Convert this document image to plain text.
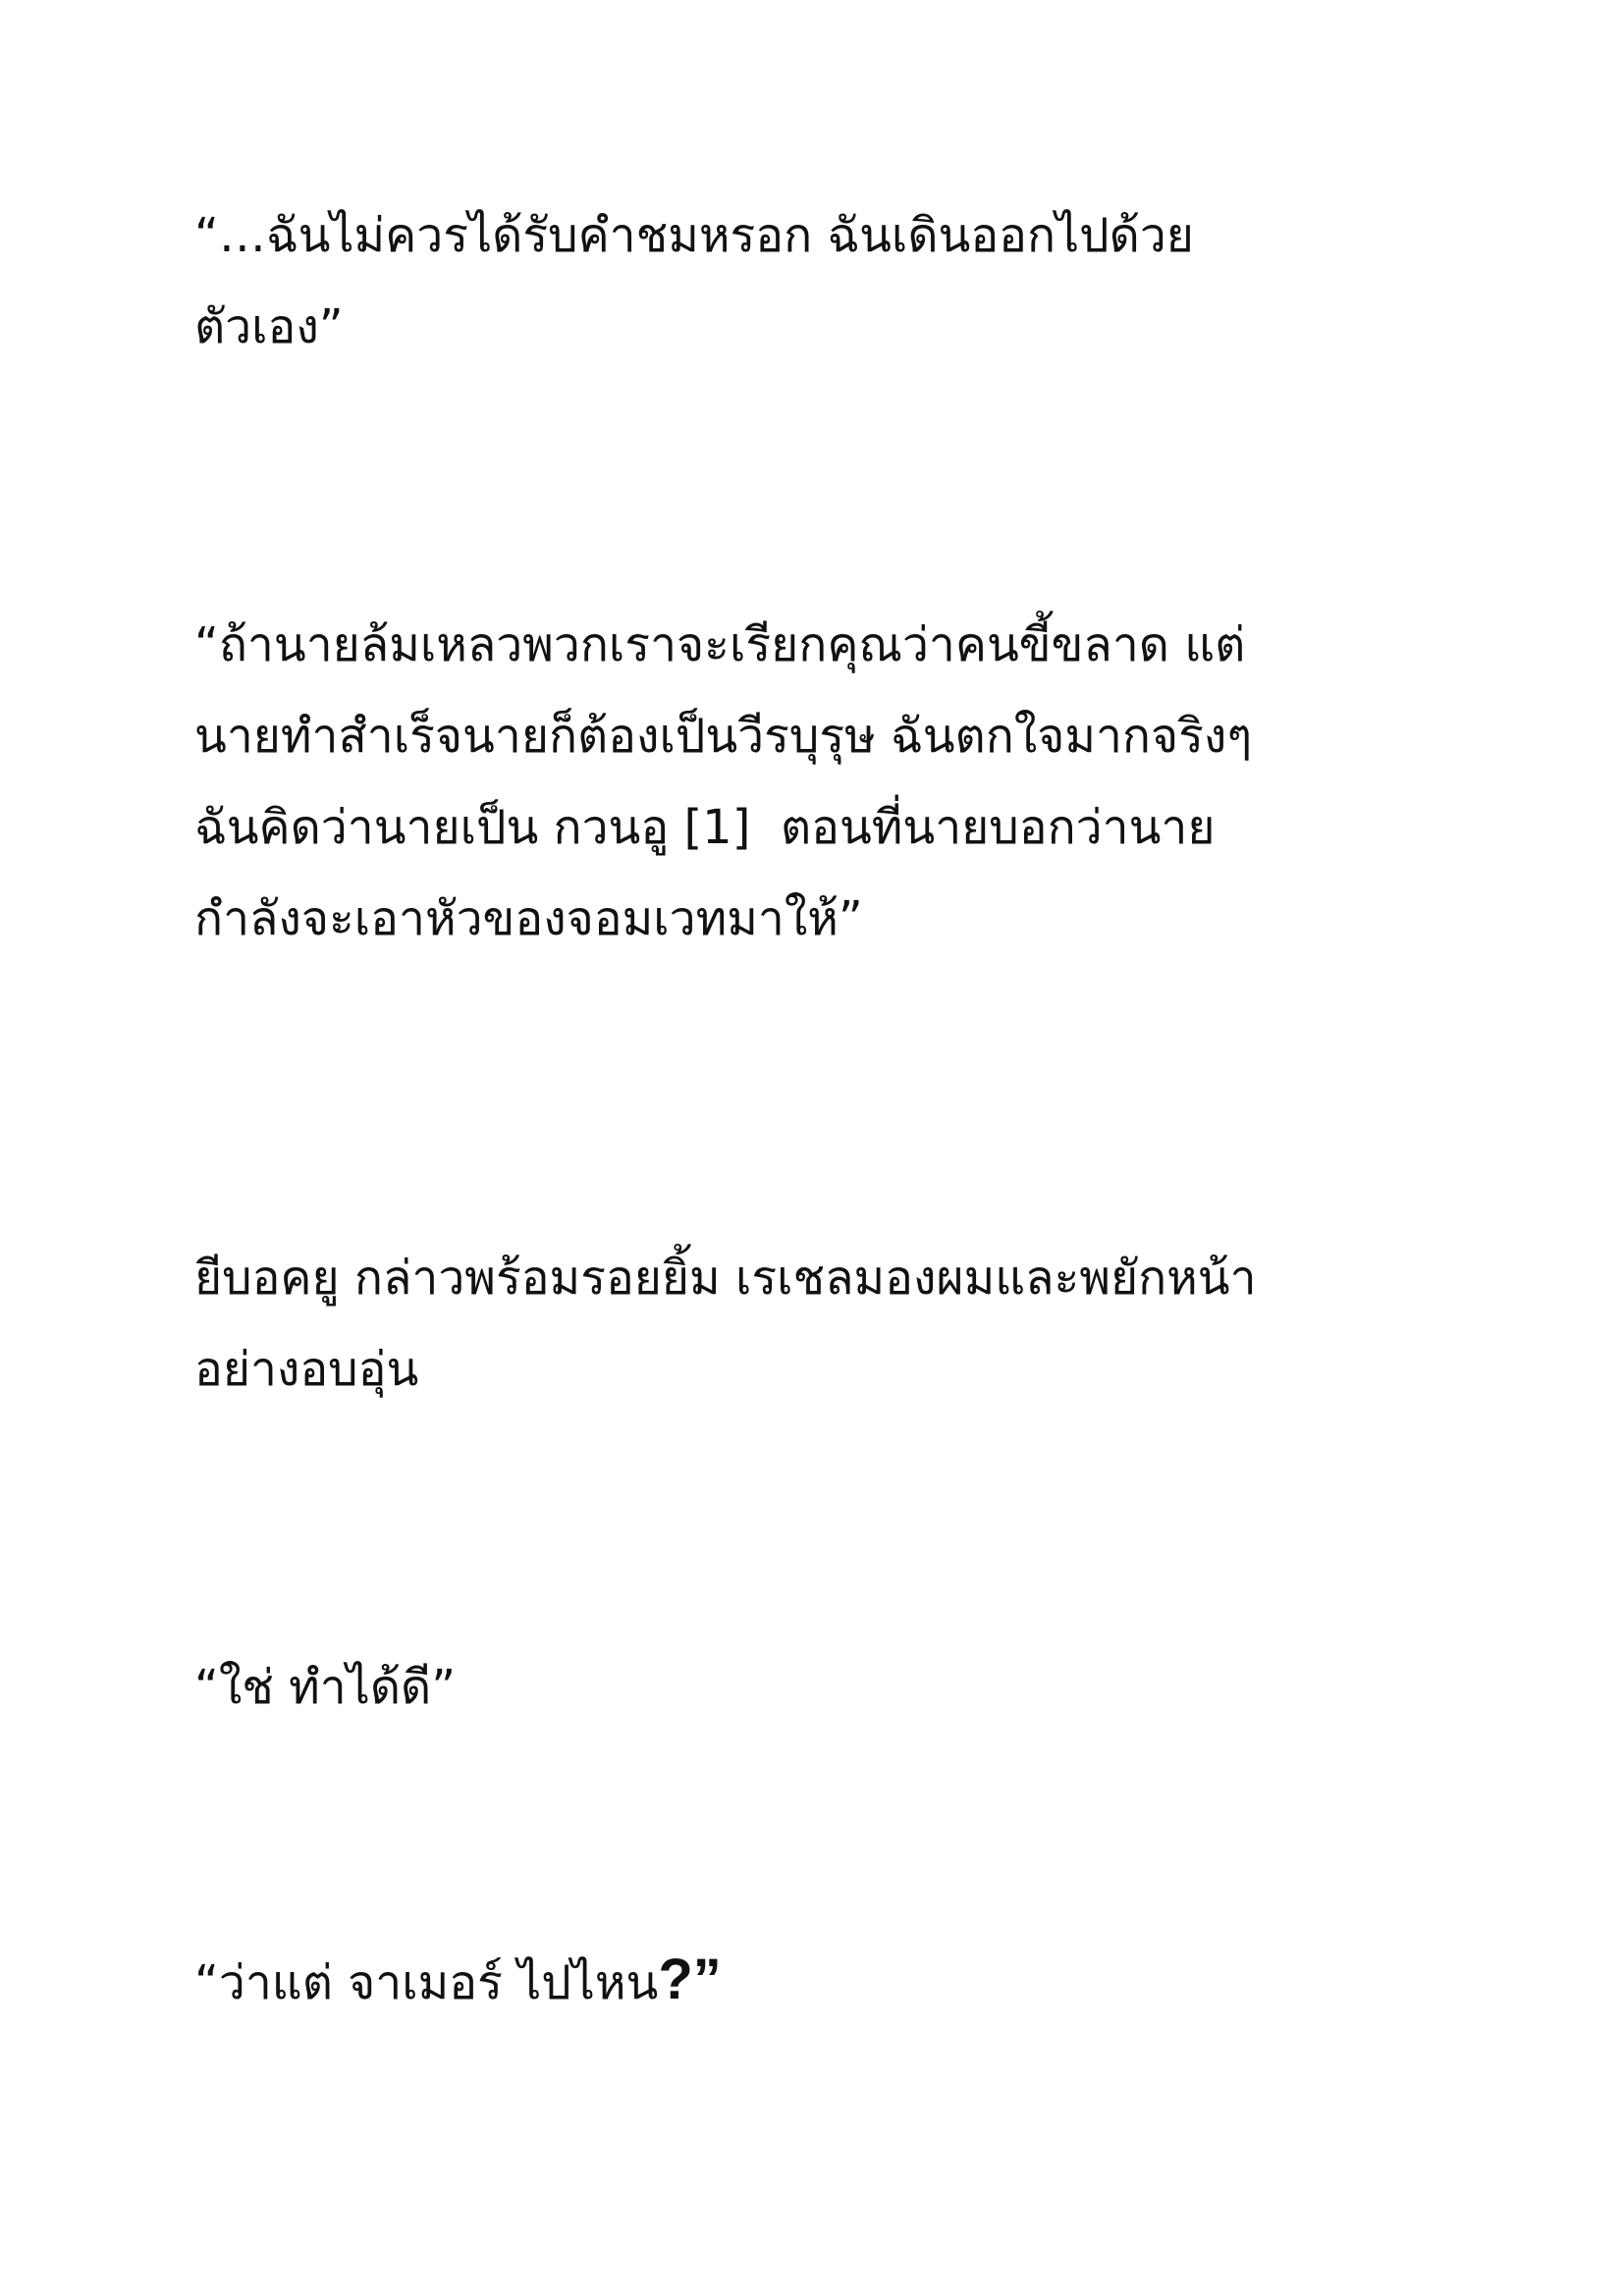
“…ฉันไม่ควรได้รับคำชมหรอก ฉันเดินออกไปด้วย
ตัวเอง”
“ถ้านายล้มเหลวพวกเราจะเรียกคุณว่าคนขี้ขลาด แต่
นายทำสำเร็จนายก็ต้องเป็นวีรบุรุษ ฉันตกใจมากจริงๆ
ฉันคิดว่านายเป็น กวนอู [1]  ตอนที่นายบอกว่านาย
กำลังจะเอาหัวของจอมเวทมาให้”
ยีบอคยู กล่าวพร้อมรอยยิ้ม เรเชลมองผมและพยักหน้า
อย่างอบอุ่น
“ใช่ ทำได้ดี”
“ว่าแต่ จาเมอร์ ไปไหน?”
